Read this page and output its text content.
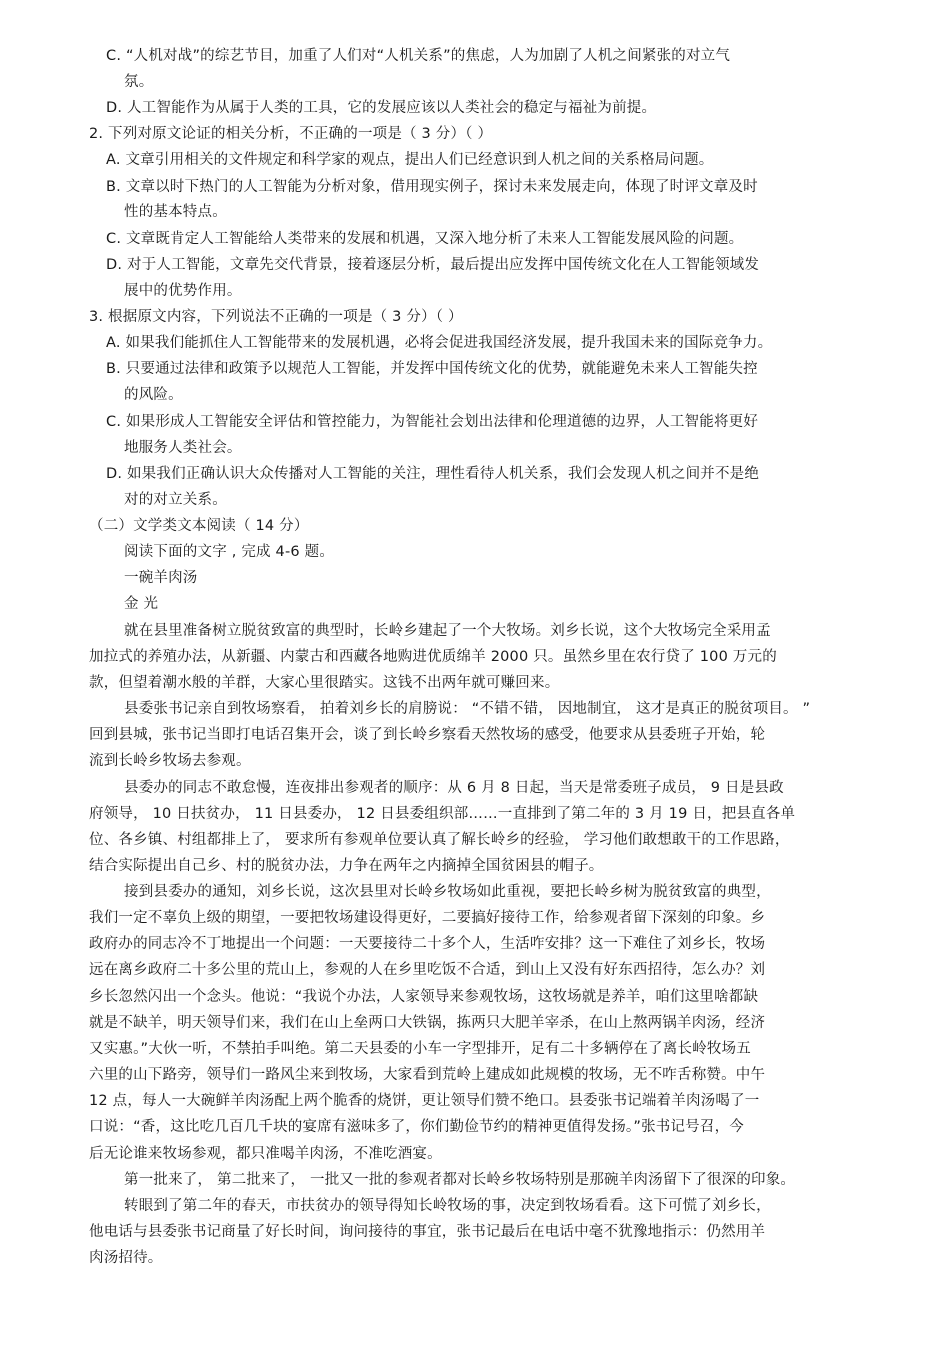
C. “人机对战”的综艺节目，加重了人们对“人机关系”的焦虑，人为加剧了人机之间紧张的对立气
氛。
D. 人工智能作为从属于人类的工具，它的发展应该以人类社会的稳定与福祉为前提。
2. 下列对原文论证的相关分析，不正确的一项是（ 3 分）（ ）
A. 文章引用相关的文件规定和科学家的观点，提出人们已经意识到人机之间的关系格局问题。
B. 文章以时下热门的人工智能为分析对象，借用现实例子，探讨未来发展走向，体现了时评文章及时
性的基本特点。
C. 文章既肯定人工智能给人类带来的发展和机遇，又深入地分析了未来人工智能发展风险的问题。
D. 对于人工智能，文章先交代背景，接着逐层分析，最后提出应发挥中国传统文化在人工智能领域发
展中的优势作用。
3. 根据原文内容，下列说法不正确的一项是（ 3 分）（ ）
A. 如果我们能抓住人工智能带来的发展机遇，必将会促进我国经济发展，提升我国未来的国际竞争力。
B. 只要通过法律和政策予以规范人工智能，并发挥中国传统文化的优势，就能避免未来人工智能失控
的风险。
C. 如果形成人工智能安全评估和管控能力，为智能社会划出法律和伦理道德的边界，人工智能将更好
地服务人类社会。
D. 如果我们正确认识大众传播对人工智能的关注，理性看待人机关系，我们会发现人机之间并不是绝
对的对立关系。
（二）文学类文本阅读（ 14 分）
阅读下面的文字 , 完成 4-6 题。
一碗羊肉汤
金 光
就在县里准备树立脱贫致富的典型时，长岭乡建起了一个大牧场。刘乡长说，这个大牧场完全采用孟
加拉式的养殖办法，从新疆、内蒙古和西藏各地购进优质绵羊 2000 只。虽然乡里在农行贷了 100 万元的
款，但望着潮水般的羊群，大家心里很踏实。这钱不出两年就可赚回来。
县委张书记亲自到牧场察看， 拍着刘乡长的肩膀说： “不错不错， 因地制宜， 这才是真正的脱贫项目。 ”
回到县城，张书记当即打电话召集开会，谈了到长岭乡察看天然牧场的感受，他要求从县委班子开始，轮
流到长岭乡牧场去参观。
县委办的同志不敢怠慢，连夜排出参观者的顺序：从 6 月 8 日起，当天是常委班子成员， 9 日是县政
府领导， 10 日扶贫办， 11 日县委办， 12 日县委组织部……一直排到了第二年的 3 月 19 日，把县直各单
位、各乡镇、村组都排上了， 要求所有参观单位要认真了解长岭乡的经验， 学习他们敢想敢干的工作思路，
结合实际提出自己乡、村的脱贫办法，力争在两年之内摘掉全国贫困县的帽子。
接到县委办的通知，刘乡长说，这次县里对长岭乡牧场如此重视，要把长岭乡树为脱贫致富的典型，
我们一定不辜负上级的期望，一要把牧场建设得更好，二要搞好接待工作，给参观者留下深刻的印象。乡
政府办的同志冷不丁地提出一个问题：一天要接待二十多个人，生活咋安排？这一下难住了刘乡长，牧场
远在离乡政府二十多公里的荒山上，参观的人在乡里吃饭不合适，到山上又没有好东西招待，怎么办？刘
乡长忽然闪出一个念头。他说：“我说个办法，人家领导来参观牧场，这牧场就是养羊，咱们这里啥都缺
就是不缺羊，明天领导们来，我们在山上垒两口大铁锅，拣两只大肥羊宰杀，在山上熬两锅羊肉汤，经济
又实惠。”大伙一听，不禁拍手叫绝。第二天县委的小车一字型排开，足有二十多辆停在了离长岭牧场五
六里的山下路旁，领导们一路风尘来到牧场，大家看到荒岭上建成如此规模的牧场，无不咋舌称赞。中午
12 点，每人一大碗鲜羊肉汤配上两个脆香的烧饼，更让领导们赞不绝口。县委张书记端着羊肉汤喝了一
口说：“香，这比吃几百几千块的宴席有滋味多了，你们勤俭节约的精神更值得发扬。”张书记号召，今
后无论谁来牧场参观，都只准喝羊肉汤，不准吃酒宴。
第一批来了， 第二批来了， 一批又一批的参观者都对长岭乡牧场特别是那碗羊肉汤留下了很深的印象。
转眼到了第二年的春天，市扶贫办的领导得知长岭牧场的事，决定到牧场看看。这下可慌了刘乡长，
他电话与县委张书记商量了好长时间，询问接待的事宜，张书记最后在电话中毫不犹豫地指示：仍然用羊
肉汤招待。
